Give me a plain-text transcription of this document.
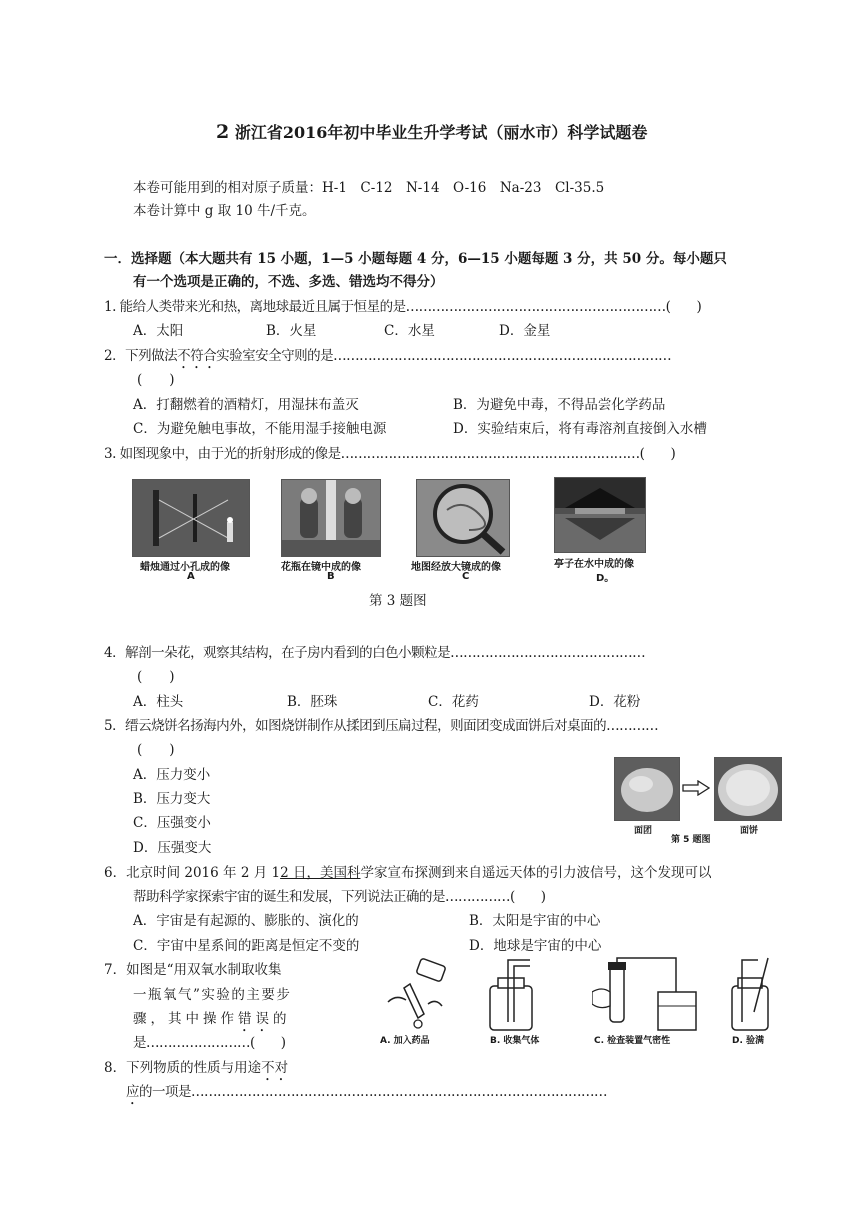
2 浙江省2016年初中毕业生升学考试（丽水市）科学试题卷
本卷可能用到的相对原子质量：H-1　C-12　N-14　O-16　Na-23　Cl-35.5
本卷计算中 g 取 10 牛/千克。
一．选择题（本大题共有 15 小题，1—5 小题每题 4 分，6—15 小题每题 3 分，共 50 分。每小题只
有一个选项是正确的，不选、多选、错选均不得分）
1. 能给人类带来光和热，离地球最近且属于恒星的是……………………………………………………(　　)
A．太阳	B．火星	C．水星	D．金星
2．下列做法不符合实验室安全守则的是……………………………………………………………………
(　　)
A．打翻燃着的酒精灯，用湿抹布盖灭	B．为避免中毒，不得品尝化学药品
C．为避免触电事故，不能用湿手接触电源	D．实验结束后，将有毒溶剂直接倒入水槽
3. 如图现象中，由于光的折射形成的像是……………………………………………………………(　　)
蜡烛通过小孔成的像
A
花瓶在镜中成的像
B
地图经放大镜成的像
C
亭子在水中成的像
D。
第 3 题图
4．解剖一朵花，观察其结构，在子房内看到的白色小颗粒是………………………………………
(　　)
A．柱头	B．胚珠	C．花药	D．花粉
5．缙云烧饼名扬海内外，如图烧饼制作从揉团到压扁过程，则面团变成面饼后对桌面的…………
(　　)
A．压力变小
B．压力变大
C．压强变小
D．压强变大
面团
第 5 题图
面饼
6．北京时间 2016 年 2 月 12 日，美国科学家宣布探测到来自遥远天体的引力波信号，这个发现可以
帮助科学家探索宇宙的诞生和发展，下列说法正确的是……………(　　)
A．宇宙是有起源的、膨胀的、演化的	B．太阳是宇宙的中心
C．宇宙中星系间的距离是恒定不变的	D．地球是宇宙的中心
7．如图是“用双氧水制取收集
一瓶氧气”实验的主要步
骤，其中操作错误的
是……………………(　　)	A. 加入药品	B. 收集气体	C. 检查装置气密性	D. 验满
8．下列物质的性质与用途不对
应的一项是……………………………………………………………………………………
